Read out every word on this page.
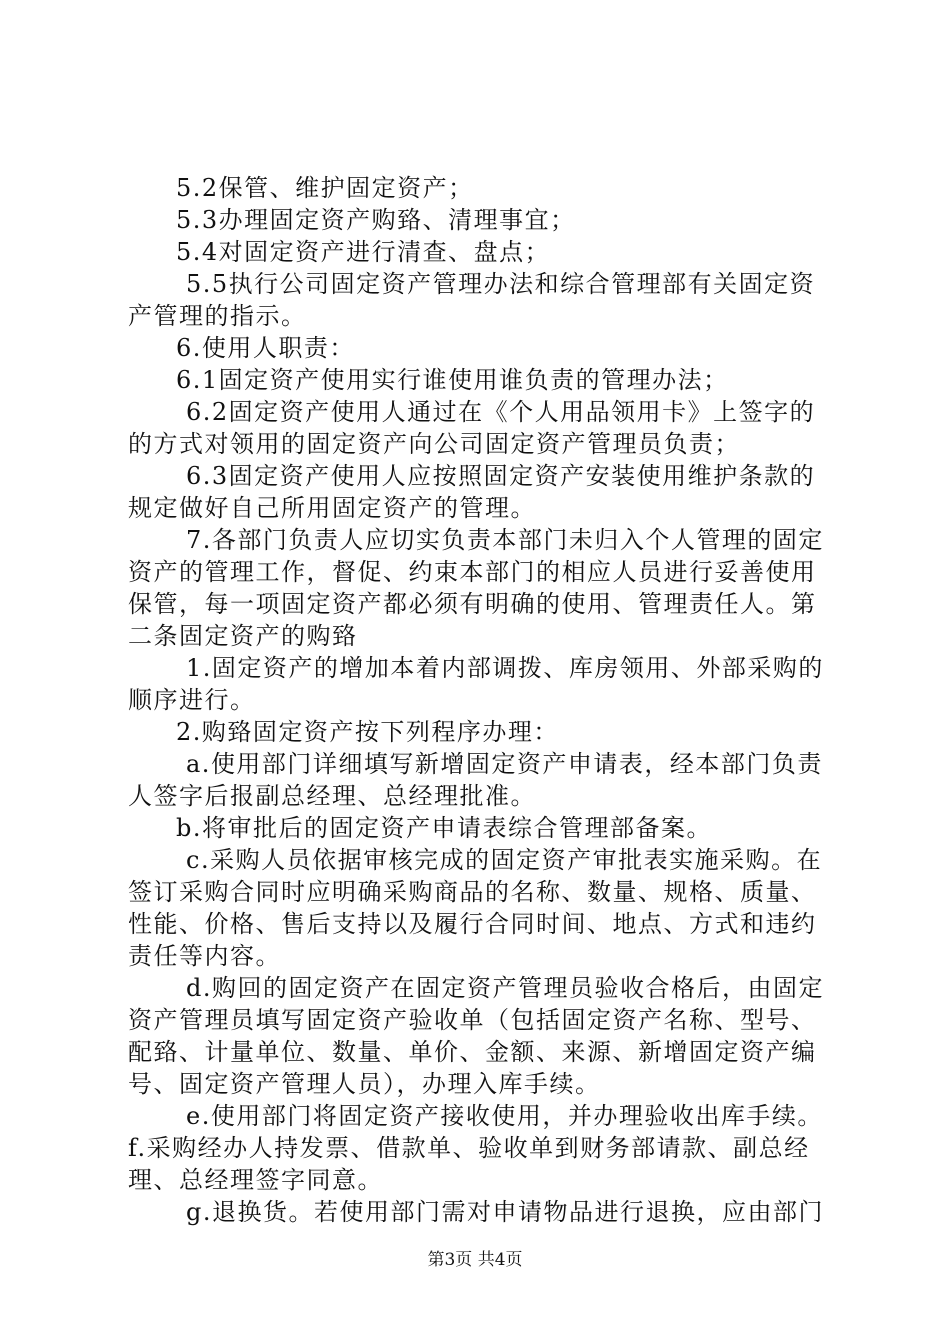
5.2保管、维护固定资产；

5.3办理固定资产购臵、清理事宜；

5.4对固定资产进行清查、盘点；

5.5执行公司固定资产管理办法和综合管理部有关固定资产管理的指示。

6.使用人职责：

6.1固定资产使用实行谁使用谁负责的管理办法；

6.2固定资产使用人通过在《个人用品领用卡》上签字的的方式对领用的固定资产向公司固定资产管理员负责；

6.3固定资产使用人应按照固定资产安装使用维护条款的规定做好自己所用固定资产的管理。

7.各部门负责人应切实负责本部门未归入个人管理的固定资产的管理工作，督促、约束本部门的相应人员进行妥善使用保管，每一项固定资产都必须有明确的使用、管理责任人。第二条固定资产的购臵

1.固定资产的增加本着内部调拨、库房领用、外部采购的顺序进行。

2.购臵固定资产按下列程序办理：

a.使用部门详细填写新增固定资产申请表，经本部门负责人签字后报副总经理、总经理批准。

b.将审批后的固定资产申请表综合管理部备案。

c.采购人员依据审核完成的固定资产审批表实施采购。在签订采购合同时应明确采购商品的名称、数量、规格、质量、性能、价格、售后支持以及履行合同时间、地点、方式和违约责任等内容。

d.购回的固定资产在固定资产管理员验收合格后，由固定资产管理员填写固定资产验收单（包括固定资产名称、型号、配臵、计量单位、数量、单价、金额、来源、新增固定资产编号、固定资产管理人员），办理入库手续。

e.使用部门将固定资产接收使用，并办理验收出库手续。

f.采购经办人持发票、借款单、验收单到财务部请款、副总经理、总经理签字同意。

g.退换货。若使用部门需对申请物品进行退换，应由部门

第3页 共4页
